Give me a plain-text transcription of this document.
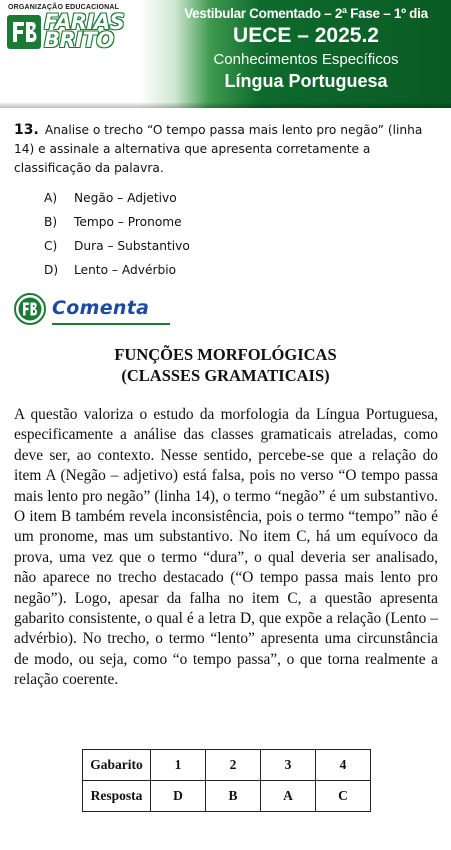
ORGANIZAÇÃO EDUCACIONAL
FARIAS
BRITO
Vestibular Comentado – 2ª Fase – 1º dia
UECE – 2025.2
Conhecimentos Específicos
Língua Portuguesa
13. Analise o trecho “O tempo passa mais lento pro negão” (linha 14) e assinale a alternativa que apresenta corretamente a classificação da palavra.
A)	Negão – Adjetivo
B)	Tempo – Pronome
C)	Dura – Substantivo
D)	Lento – Advérbio
Comenta
FUNÇÕES MORFOLÓGICAS
(CLASSES GRAMATICAIS)
A questão valoriza o estudo da morfologia da Língua Portuguesa, especificamente a análise das classes gramaticais atreladas, como deve ser, ao contexto. Nesse sentido, percebe-se que a relação do item A (Negão – adjetivo) está falsa, pois no verso “O tempo passa mais lento pro negão” (linha 14), o termo “negão” é um substantivo. O item B também revela inconsistência, pois o termo “tempo” não é um pronome, mas um substantivo. No item C, há um equívoco da prova, uma vez que o termo “dura”, o qual deveria ser analisado, não aparece no trecho destacado (“O tempo passa mais lento pro negão”). Logo, apesar da falha no item C, a questão apresenta gabarito consistente, o qual é a letra D, que expõe a relação (Lento – advérbio). No trecho, o termo “lento” apresenta uma circunstância de modo, ou seja, como “o tempo passa”, o que torna realmente a relação coerente.
Gabarito	1	2	3	4
Resposta	D	B	A	C
